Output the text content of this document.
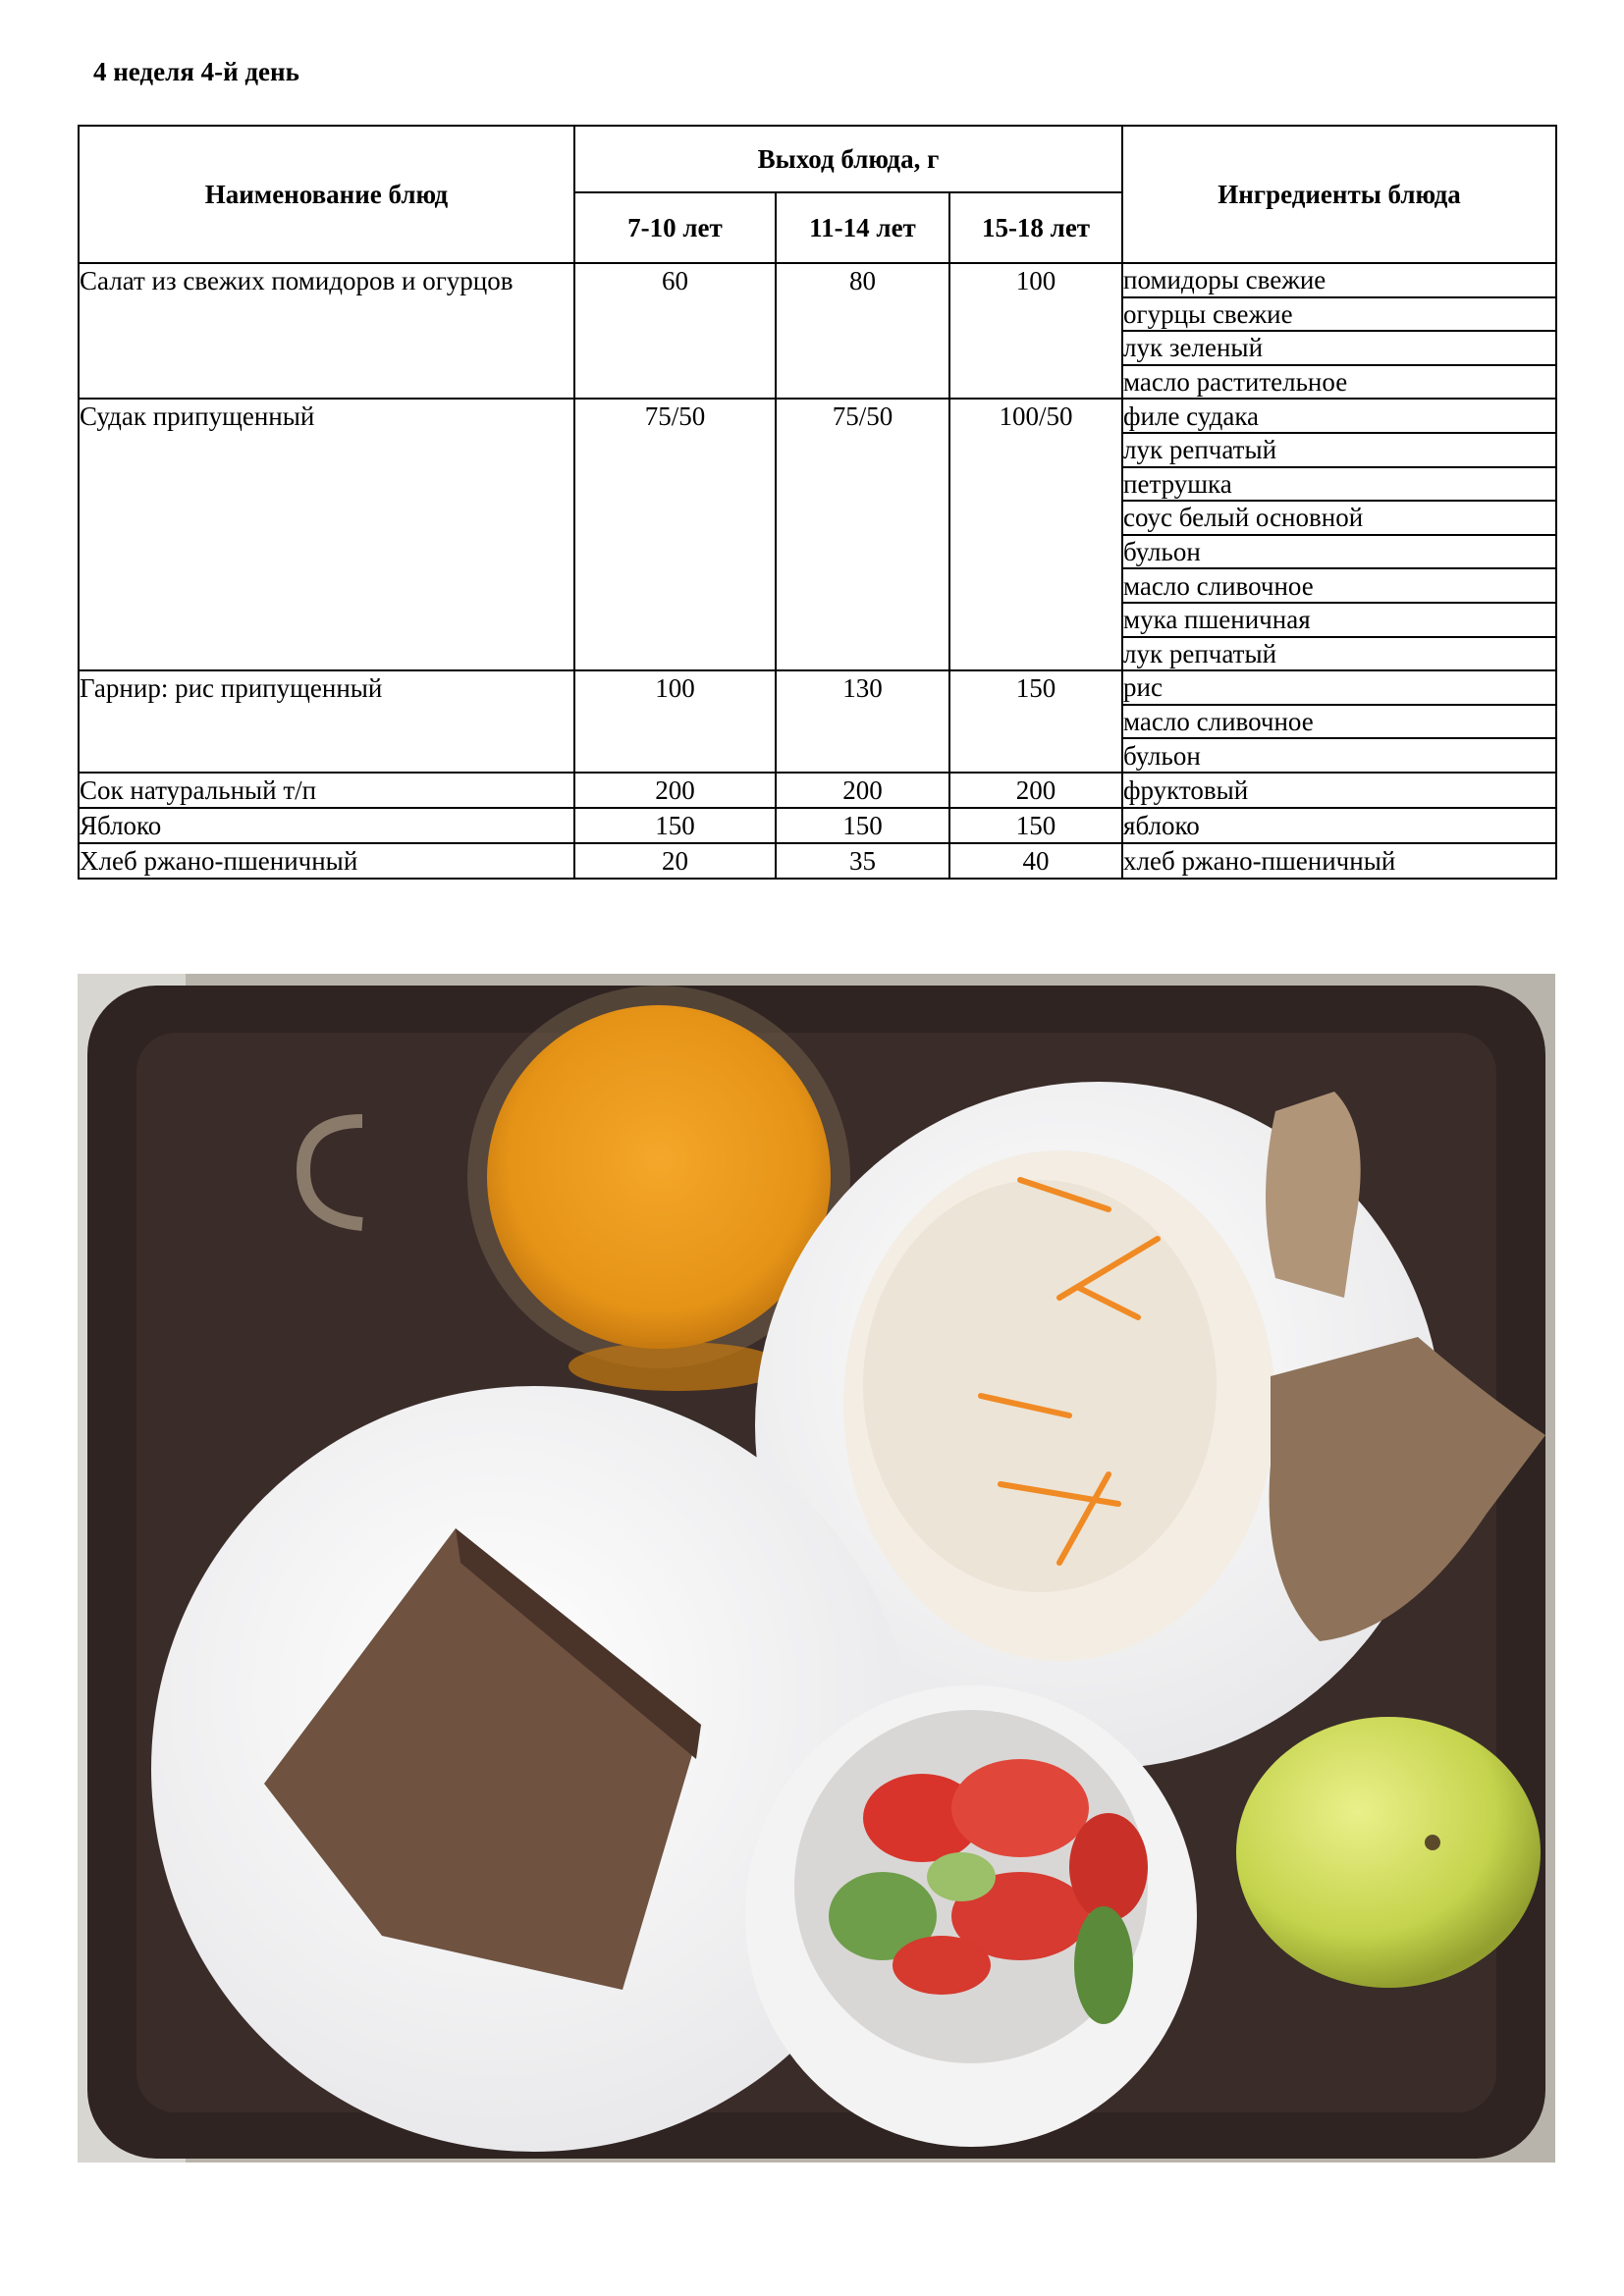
4 неделя 4-й день
Наименование блюд	Выход блюда, г			Ингредиенты блюда
	7-10 лет	11-14 лет	15-18 лет	
Салат из свежих помидоров и огурцов	60	80	100	помидоры свежие
				огурцы свежие
				лук зеленый
				масло растительное
Судак припущенный	75/50	75/50	100/50	филе судака
				лук репчатый
				петрушка
				соус белый основной
				бульон
				масло сливочное
				мука пшеничная
				лук репчатый
Гарнир: рис припущенный	100	130	150	рис
				масло сливочное
				бульон
Сок натуральный т/п	200	200	200	фруктовый
Яблоко	150	150	150	яблоко
Хлеб ржано-пшеничный	20	35	40	хлеб ржано-пшеничный
